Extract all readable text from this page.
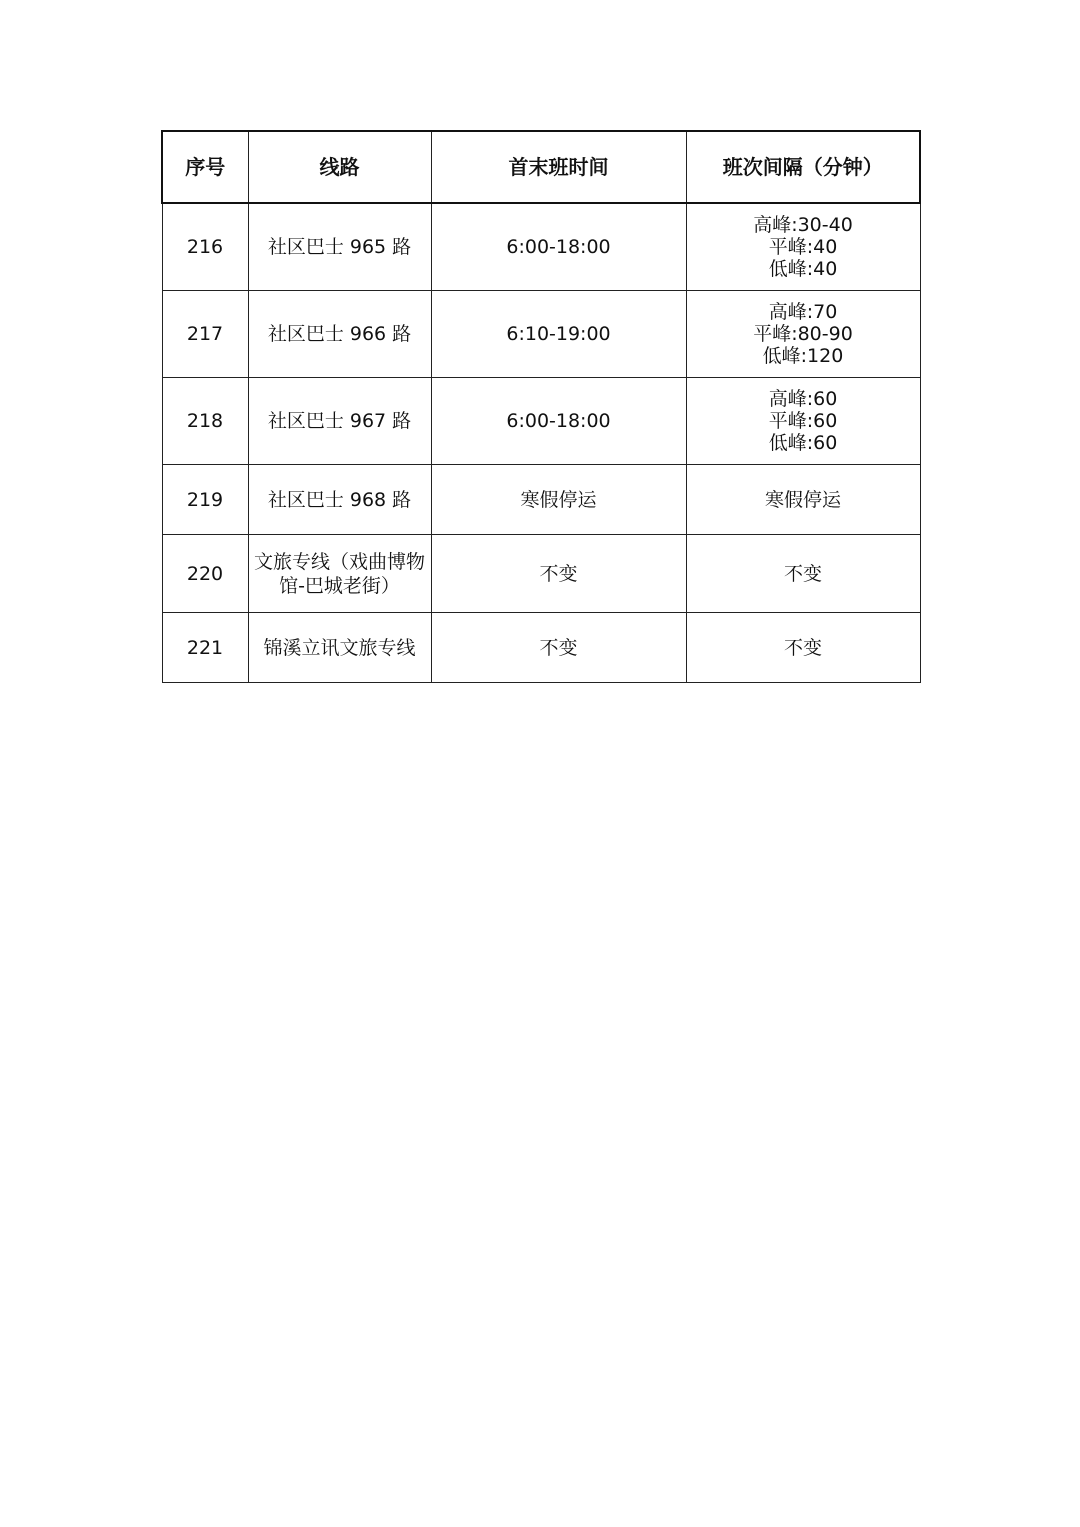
序号	线路	首末班时间	班次间隔（分钟）
216	社区巴士 965 路	6:00-18:00	高峰:30-40
平峰:40
低峰:40

217	社区巴士 966 路	6:10-19:00	高峰:70
平峰:80-90
低峰:120

218	社区巴士 967 路	6:00-18:00	高峰:60
平峰:60
低峰:60

219	社区巴士 968 路	寒假停运	寒假停运
220	文旅专线（戏曲博物馆-巴城老街）	不变	不变
221	锦溪立讯文旅专线	不变	不变
